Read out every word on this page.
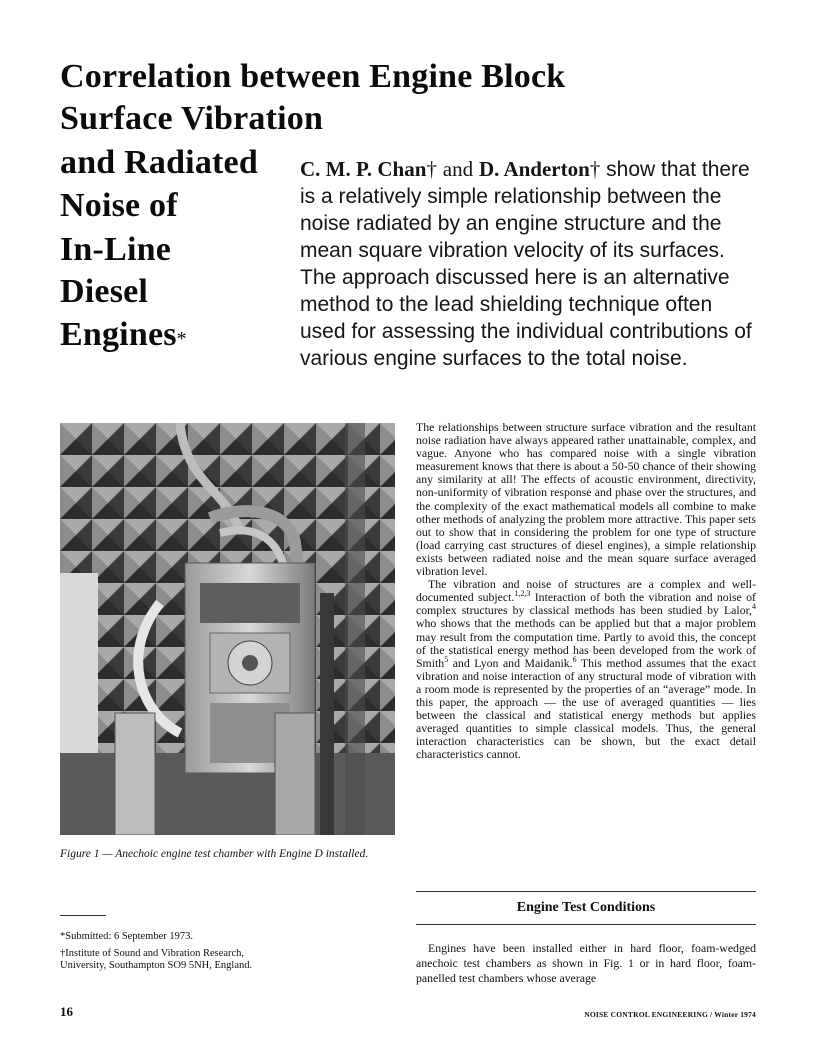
Correlation between Engine Block
Surface Vibration
and Radiated
Noise of
In-Line
Diesel
Engines*
C. M. P. Chan† and D. Anderton† show that there is a relatively simple relationship between the noise radiated by an engine structure and the mean square vibration velocity of its surfaces. The approach discussed here is an alternative method to the lead shielding technique often used for assessing the individual contributions of various engine surfaces to the total noise.
Figure 1 — Anechoic engine test chamber with Engine D installed.
*Submitted: 6 September 1973.
†Institute of Sound and Vibration Research, University, Southampton SO9 5NH, England.

The relationships between structure surface vibration and the resultant noise radiation have always appeared rather unattainable, complex, and vague. Anyone who has compared noise with a single vibration measurement knows that there is about a 50-50 chance of their showing any similarity at all! The effects of acoustic environment, directivity, non-uniformity of vibration response and phase over the structures, and the complexity of the exact mathematical models all combine to make other methods of analyzing the problem more attractive. This paper sets out to show that in considering the problem for one type of structure (load carrying cast structures of diesel engines), a simple relationship exists between radiated noise and the mean square surface averaged vibration level.

The vibration and noise of structures are a complex and well-documented subject.$^{1,2,3}$ Interaction of both the vibration and noise of complex structures by classical methods has been studied by Lalor,$^4$ who shows that the methods can be applied but that a major problem may result from the computation time. Partly to avoid this, the concept of the statistical energy method has been developed from the work of Smith$^5$ and Lyon and Maidanik.$^6$ This method assumes that the exact vibration and noise interaction of any structural mode of vibration with a room mode is represented by the properties of an “average” mode. In this paper, the approach — the use of averaged quantities — lies between the classical and statistical energy methods but applies averaged quantities to simple classical models. Thus, the general interaction characteristics can be shown, but the exact detail characteristics cannot.

Engine Test Conditions
Engines have been installed either in hard floor, foam-wedged anechoic test chambers as shown in Fig. 1 or in hard floor, foam-panelled test chambers whose average
16	NOISE CONTROL ENGINEERING / Winter 1974
